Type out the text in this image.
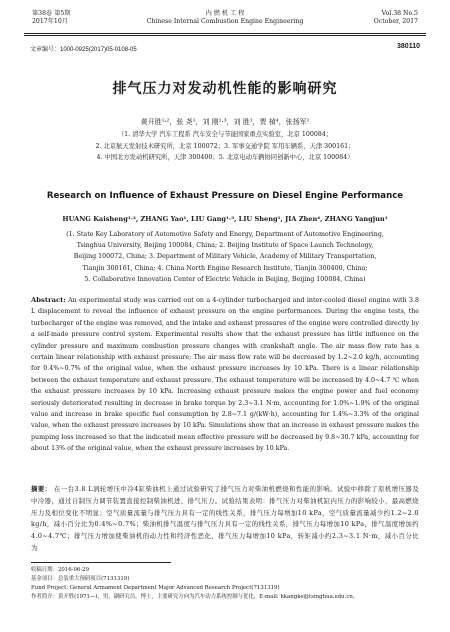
第38卷 第5期
2017年10月
内 燃 机 工 程
Chinese Internal Combustion Engine Engineering
Vol.38 No.5
October, 2017
文章编号：1000-0925(2017)05-0108-05	380110
排气压力对发动机性能的影响研究
黄开胜¹·²，张 尧¹，刘 刚¹·³，刘 胜¹，贾 楨⁴，张扬军¹
（1. 清华大学 汽车工程系 汽车安全与节能国家重点实验室，北京 100084；
2. 北京航天发射技术研究所，北京 100072；3. 军事交通学院 军用车辆系，天津 300161；
4. 中国北方发动机研究所，天津 300400；5. 北京电动车辆协同创新中心，北京 100084）
Research on Influence of Exhaust Pressure on Diesel Engine Performance
HUANG Kaisheng¹·², ZHANG Yao¹, LIU Gang¹·³, LIU Sheng¹, JIA Zhen⁴, ZHANG Yangjun¹
(1. State Key Laboratory of Automotive Safety and Energy, Department of Automotive Engineering,
Tsinghua University, Beijing 100084, China; 2. Beijing Institute of Space Launch Technology,
Beijing 100072, China; 3. Department of Military Vehicle, Academy of Military Transportation,
Tianjin 300161, China; 4. China North Engine Research Institute, Tianjin 300400, China;
5. Collaborative Innovation Center of Electric Vehicle in Beijing, Beijing 100084, China)
Abstract: An experimental study was carried out on a 4-cylinder turbocharged and inter-cooled diesel engine with 3.8 L displacement to reveal the influence of exhaust pressure on the engine performances. During the engine tests, the turbocharger of the engine was removed, and the intake and exhaust pressures of the engine were controlled directly by a self-made pressure control system. Experimental results show that the exhaust pressure has little influence on the cylinder pressure and maximum combustion pressure changes with crankshaft angle. The air mass flow rate has a certain linear relationship with exhaust pressure; The air mass flow rate will be decreased by 1.2~2.0 kg/h, accounting for 0.4%~0.7% of the original value, when the exhaust pressure increases by 10 kPa. There is a linear relationship between the exhaust temperature and exhaust pressure. The exhaust temperature will be increased by 4.0~4.7 ℃ when the exhaust pressure increases by 10 kPa. Increasing exhaust pressure makes the engine power and fuel economy seriously deteriorated resulting in decrease in brake torque by 2.3~3.1 N·m, accounting for 1.0%~1.9% of the original value and increase in brake specific fuel consumption by 2.8~7.1 g/(kW·h), accounting for 1.4%~3.3% of the original value, when the exhaust pressure increases by 10 kPa. Simulations show that an increase in exhaust pressure makes the pumping loss increased so that the indicated mean effective pressure will be decreased by 9.8~30.7 kPa, accounting for about 13% of the original value, when the exhaust pressure increases by 10 kPa.
摘要： 在一台3.8 L涡轮增压中冷4缸柴油机上通过试验研究了排气压力对柴油机燃烧和性能的影响。试验中移除了原机增压器及中冷器，通过自制压力调节装置直接控制柴油机进、排气压力。试验结果表明：排气压力对柴油机缸内压力的影响较小，最高燃烧压力及相位变化不明显；空气质量流量与排气压力具有一定的线性关系，排气压力每增加10 kPa，空气质量流量减少约1.2~2.0 kg/h，减小百分比为0.4%~0.7%；柴油机排气温度与排气压力具有一定的线性关系，排气压力每增加10 kPa，排气温度增加约4.0~4.7℃；排气压力增加使柴油机的动力性和经济性恶化，排气压力每增加10 kPa，转矩减小约2.3~3.1 N·m，减小百分比为
收稿日期：2016-06-29
基金项目：总装重大预研项目(7131319)
Fund Project: General Armament Department Major Advanced Research Project(7131319)
作者简介：黄开胜(1971—)，男，副研究员，博士，主要研究方向为汽车动力系统控制与优化，E-mail: hkangke@tsinghua.edu.cn。
